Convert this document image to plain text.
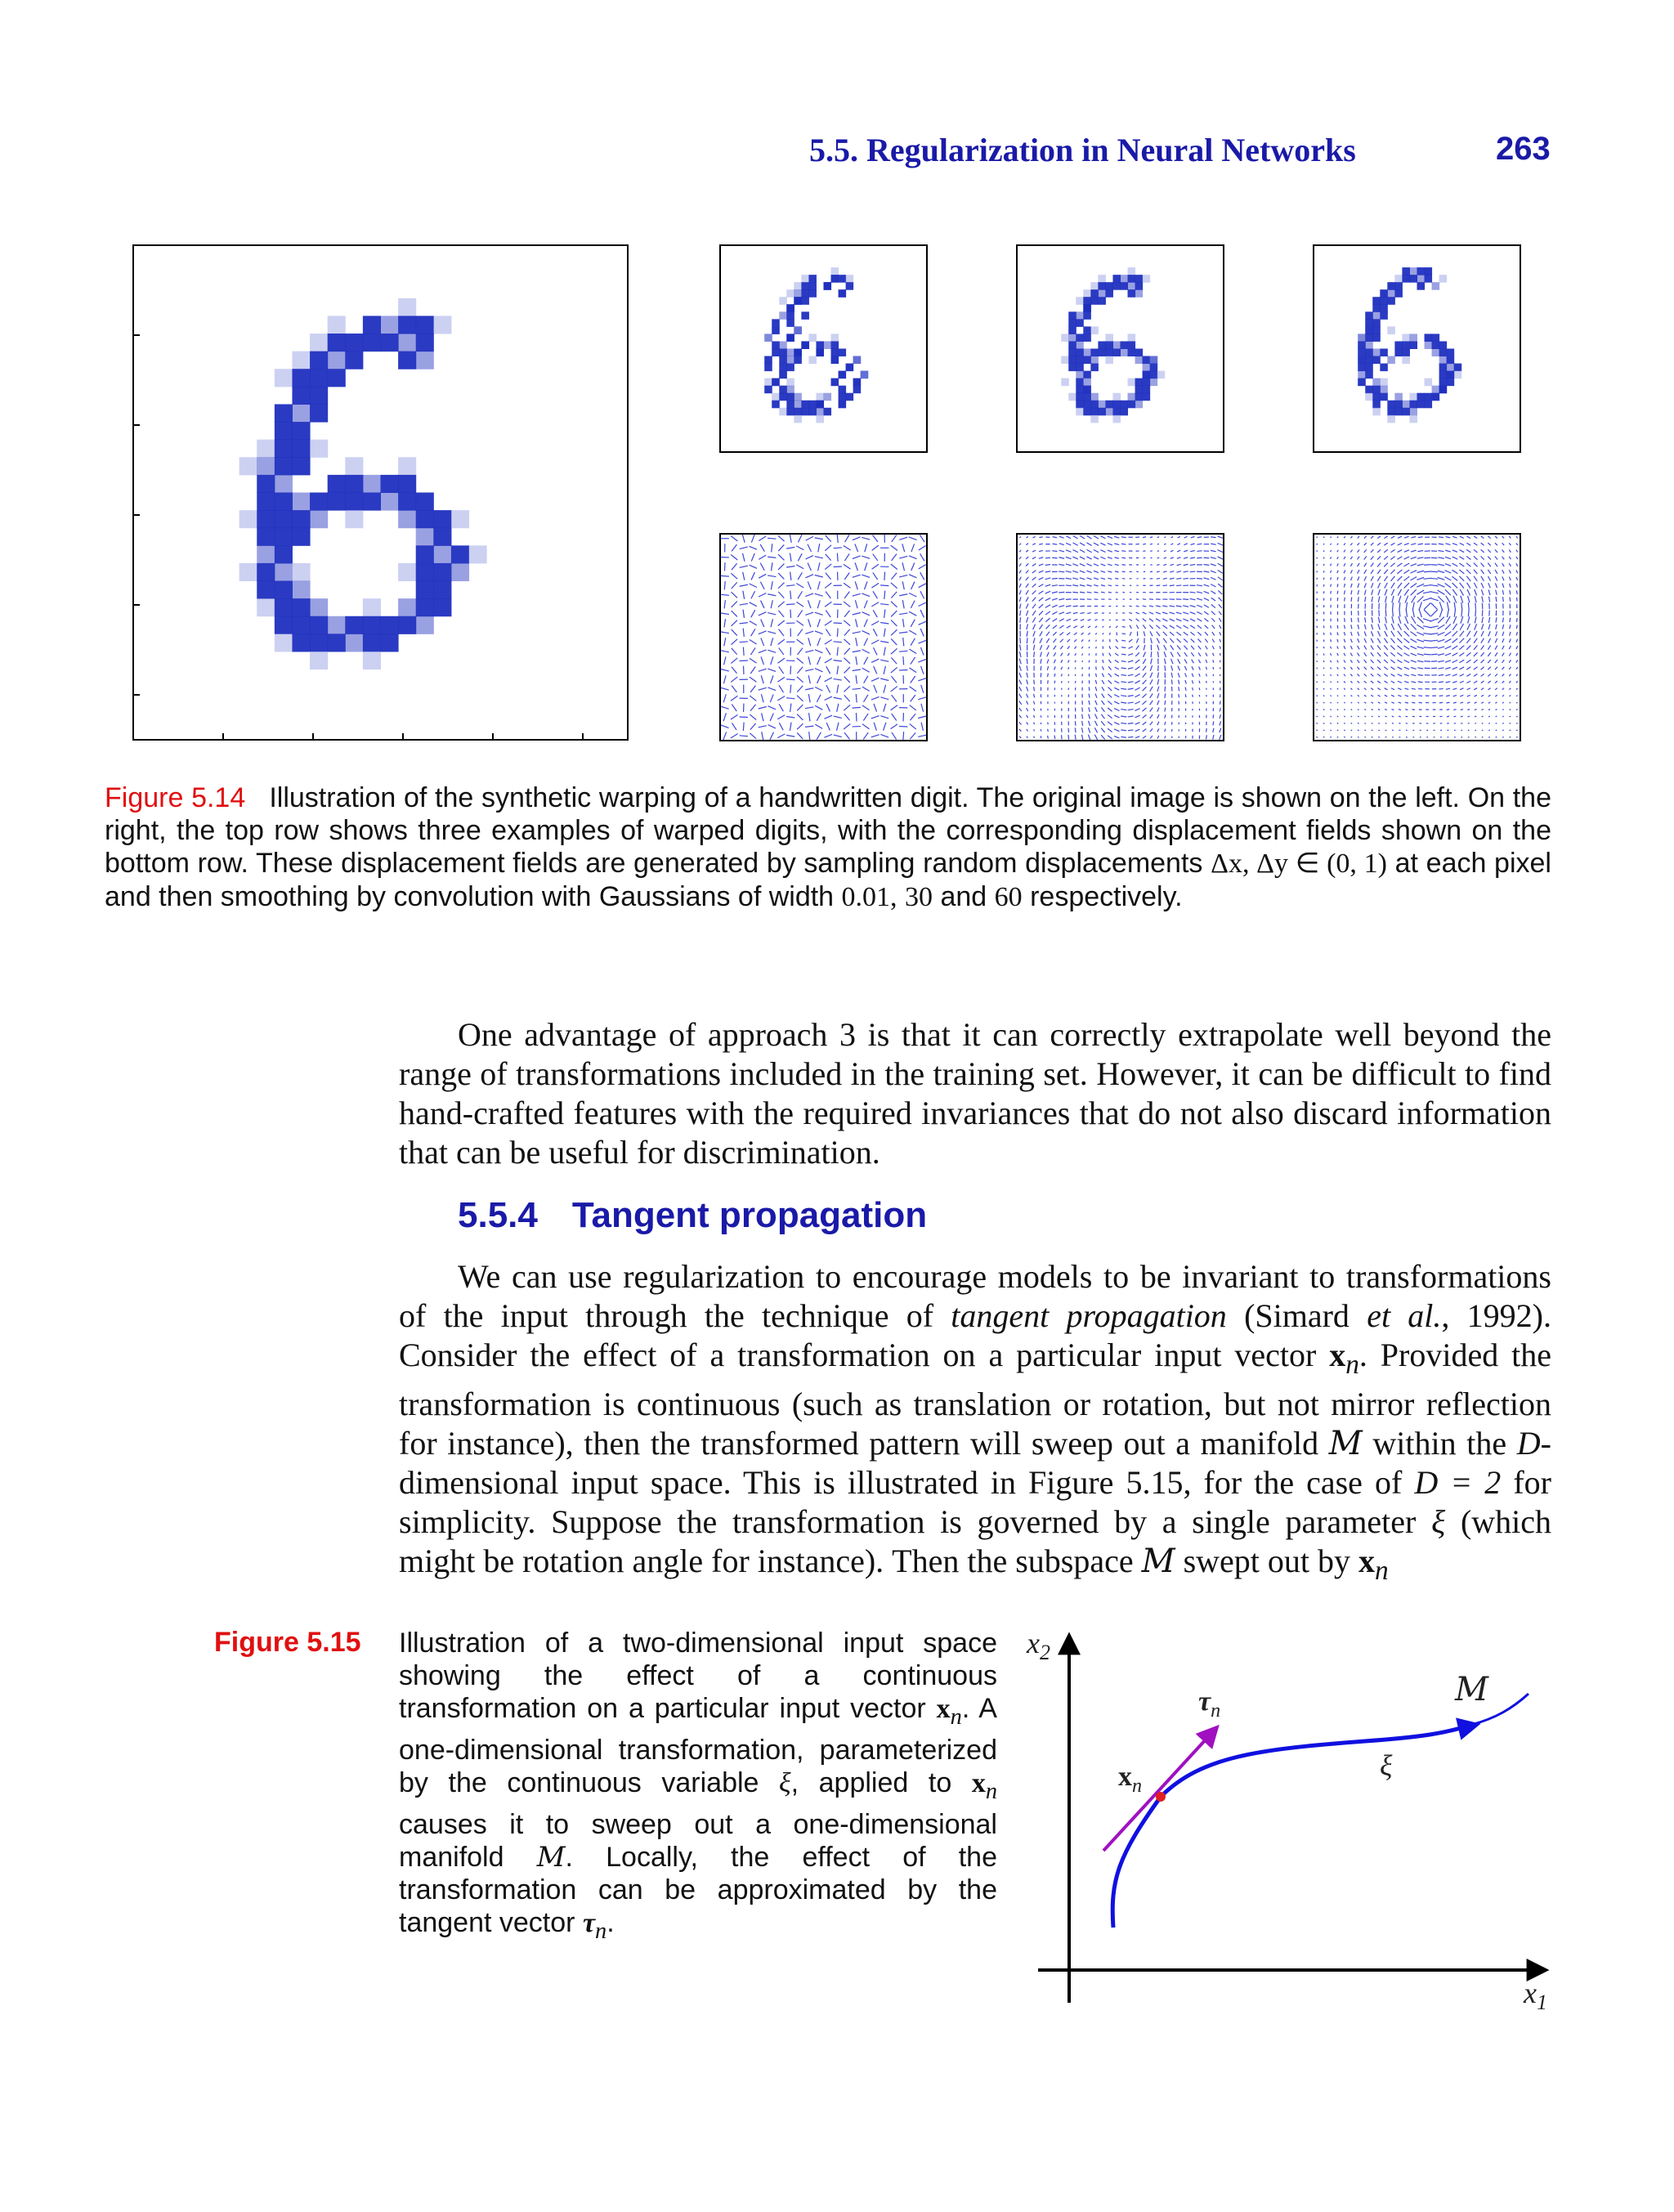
5.5. Regularization in Neural Networks	263
Figure 5.14 Illustration of the synthetic warping of a handwritten digit. The original image is shown on the left. On the right, the top row shows three examples of warped digits, with the corresponding displacement fields shown on the bottom row. These displacement fields are generated by sampling random displacements Δx, Δy ∈ (0, 1) at each pixel and then smoothing by convolution with Gaussians of width 0.01, 30 and 60 respectively.

One advantage of approach 3 is that it can correctly extrapolate well beyond the range of transformations included in the training set. However, it can be difficult to find hand-crafted features with the required invariances that do not also discard information that can be useful for discrimination.

5.5.4 Tangent propagation

We can use regularization to encourage models to be invariant to transformations of the input through the technique of tangent propagation (Simard et al., 1992). Consider the effect of a transformation on a particular input vector $x_n$. Provided the transformation is continuous (such as translation or rotation, but not mirror reflection for instance), then the transformed pattern will sweep out a manifold M within the D-dimensional input space. This is illustrated in Figure 5.15, for the case of D = 2 for simplicity. Suppose the transformation is governed by a single parameter ξ (which might be rotation angle for instance). Then the subspace M swept out by $x_n$

Figure 5.15 Illustration of a two-dimensional input space showing the effect of a continuous transformation on a particular input vector $x_n$. A one-dimensional transformation, parameterized by the continuous variable ξ, applied to $x_n$ causes it to sweep out a one-dimensional manifold M. Locally, the effect of the transformation can be approximated by the tangent vector $\tau_n$.
$x_2$
$x_1$
M
ξ
$x_n$
$\tau_n$
